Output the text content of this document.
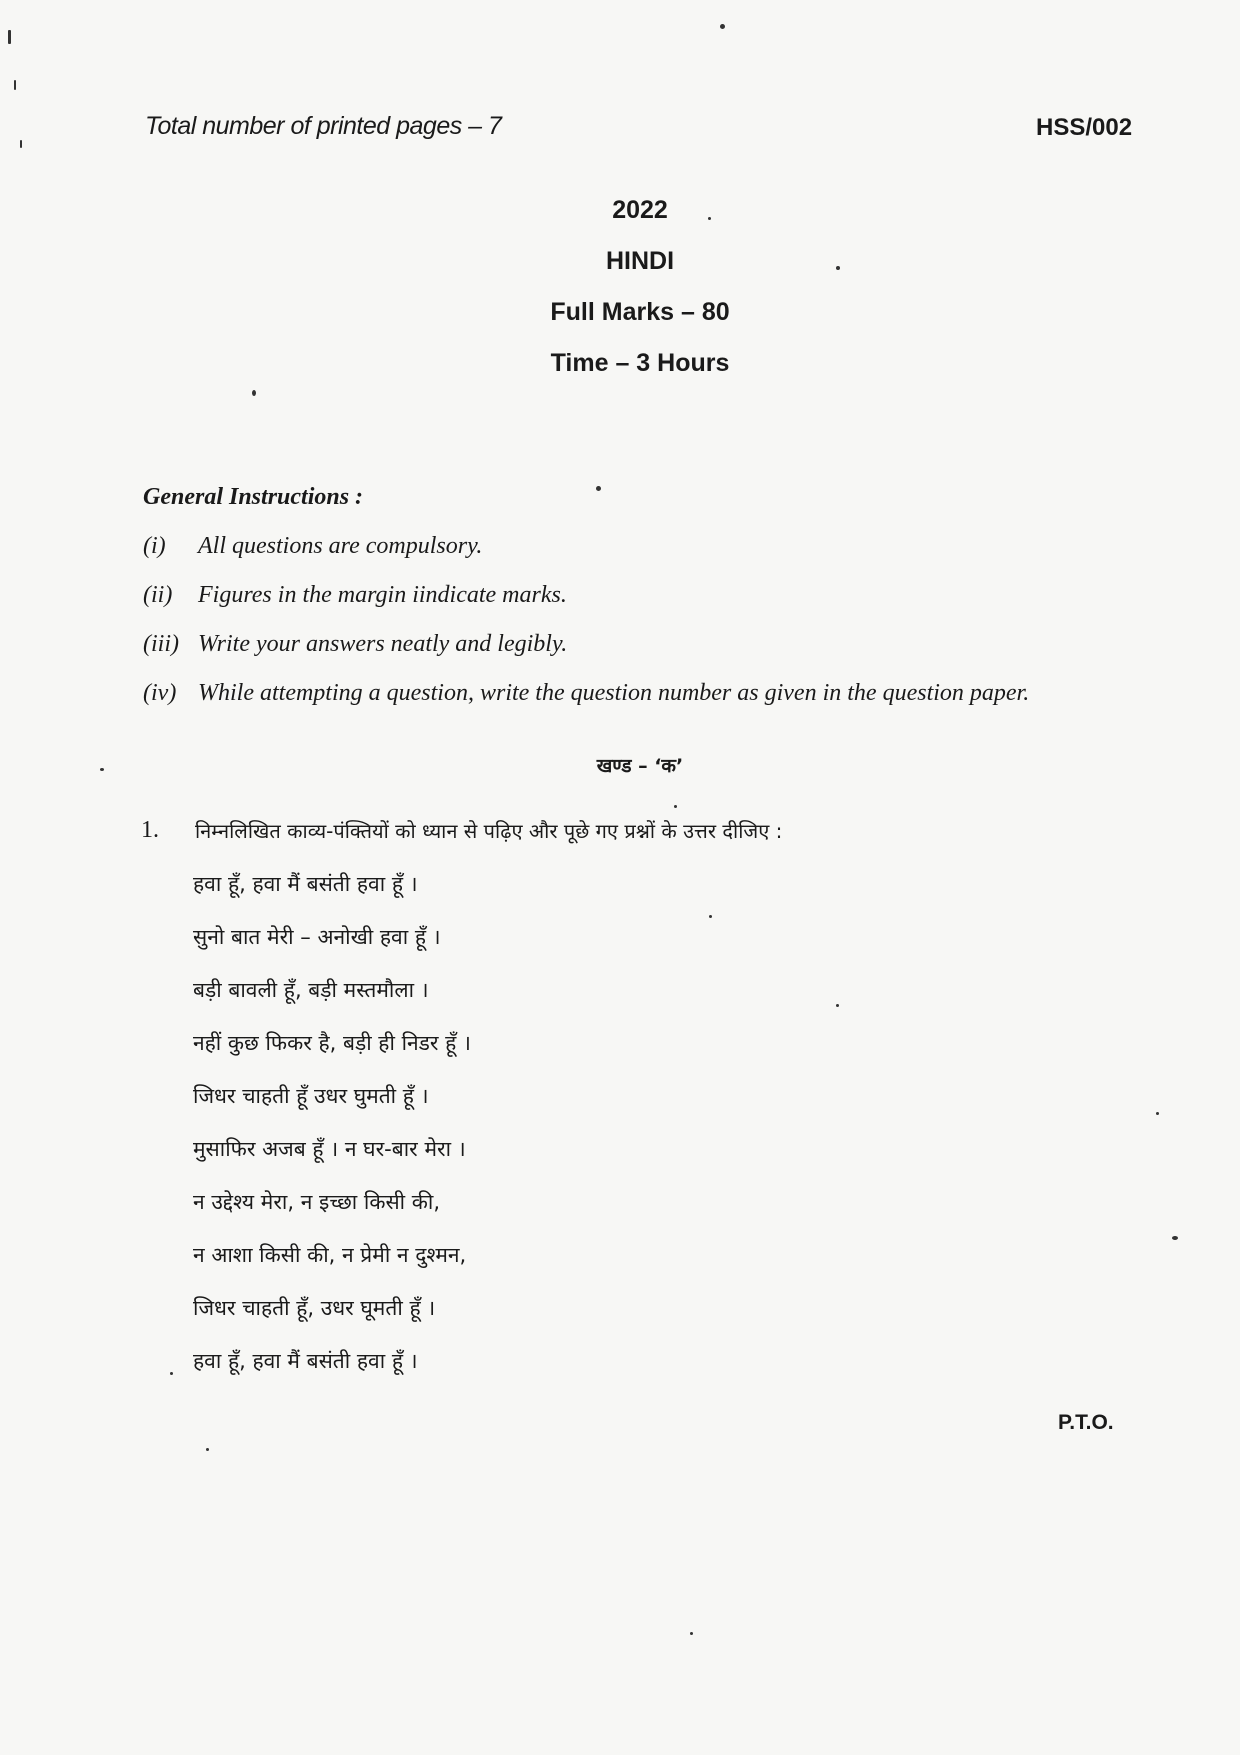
Total number of printed pages – 7	HSS/002
2022
HINDI
Full Marks – 80
Time – 3 Hours
General Instructions :
(i) All questions are compulsory.
(ii) Figures in the margin iindicate marks.
(iii) Write your answers neatly and legibly.
(iv) While attempting a question, write the question number as given in the question paper.
खण्ड – ‘क’
1. निम्नलिखित काव्य-पंक्तियों को ध्यान से पढ़िए और पूछे गए प्रश्नों के उत्तर दीजिए :
हवा हूँ, हवा मैं बसंती हवा हूँ ।
सुनो बात मेरी – अनोखी हवा हूँ ।
बड़ी बावली हूँ, बड़ी मस्तमौला ।
नहीं कुछ फिकर है, बड़ी ही निडर हूँ ।
जिधर चाहती हूँ उधर घुमती हूँ ।
मुसाफिर अजब हूँ । न घर-बार मेरा ।
न उद्देश्य मेरा, न इच्छा किसी की,
न आशा किसी की, न प्रेमी न दुश्मन,
जिधर चाहती हूँ, उधर घूमती हूँ ।
हवा हूँ, हवा मैं बसंती हवा हूँ ।
P.T.O.
